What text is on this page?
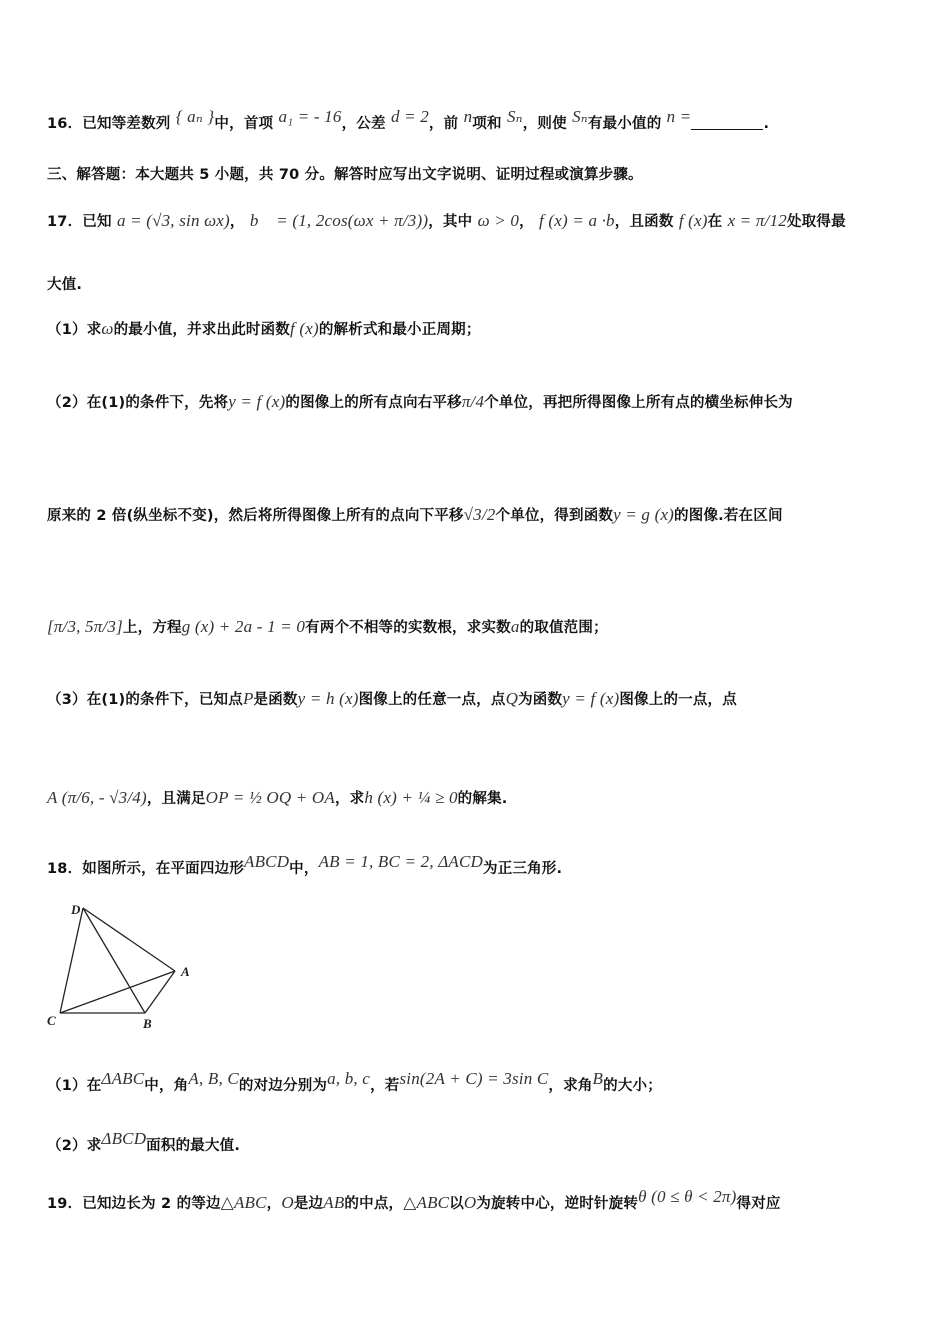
16．已知等差数列 { aₙ }中，首项 a₁ = - 16，公差 d = 2，前 n项和 Sₙ，则使 Sₙ有最小值的 n =	.
三、解答题：本大题共 5 小题，共 70 分。解答时应写出文字说明、证明过程或演算步骤。
17．已知 a = (√3, sin ωx)， b⃗ = (1, 2cos(ωx + π/3))，其中 ω > 0， f (x) = a ·b，且函数 f (x)在 x = π/12处取得最
大值.
（1）求ω的最小值，并求出此时函数f (x)的解析式和最小正周期；
（2）在(1)的条件下，先将y = f (x)的图像上的所有点向右平移π/4个单位，再把所得图像上所有点的横坐标伸长为
原来的 2 倍(纵坐标不变)，然后将所得图像上所有的点向下平移√3/2个单位，得到函数y = g (x)的图像.若在区间
[π/3, 5π/3]上，方程g (x) + 2a - 1 = 0有两个不相等的实数根，求实数a的取值范围；
（3）在(1)的条件下，已知点P是函数y = h (x)图像上的任意一点，点Q为函数y = f (x)图像上的一点，点
A (π/6, - √3/4)，且满足OP = ½ OQ + OA，求h (x) + ¼ ≥ 0的解集.
18．如图所示，在平面四边形ABCD中，AB = 1, BC = 2, ΔACD为正三角形.
D
A
C	B
（1）在ΔABC中，角A, B, C的对边分别为a, b, c，若sin(2A + C) = 3sin C，求角B的大小；
（2）求ΔBCD面积的最大值.
19．已知边长为 2 的等边△ABC，O是边AB的中点，△ABC以O为旋转中心，逆时针旋转θ (0 ≤ θ < 2π)得对应
